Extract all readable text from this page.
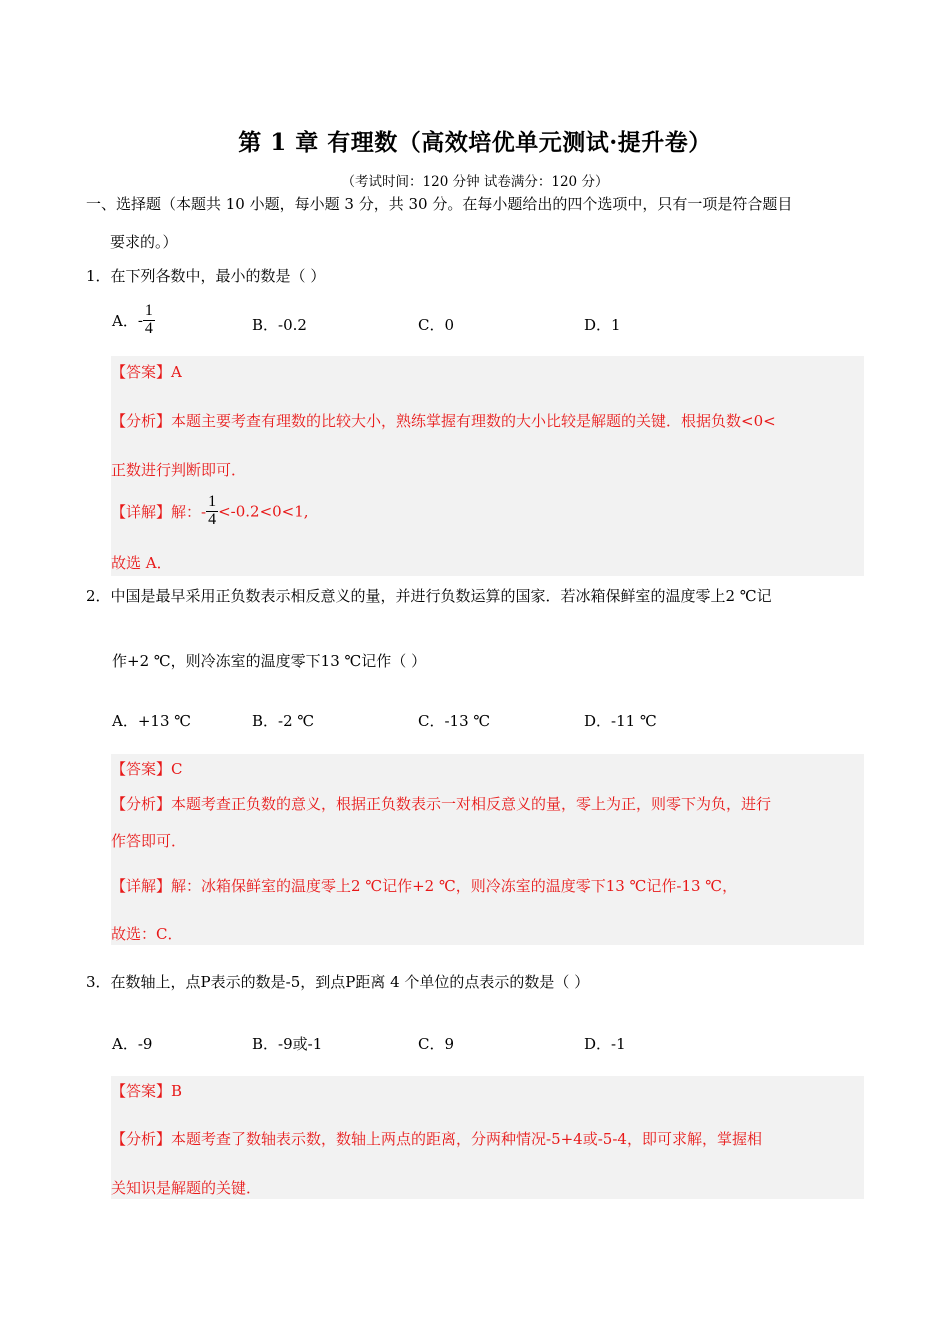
第 1 章 有理数（高效培优单元测试·提升卷）
（考试时间：120 分钟 试卷满分：120 分）
一、选择题（本题共 10 小题，每小题 3 分，共 30 分。在每小题给出的四个选项中，只有一项是符合题目
要求的。）
1．在下列各数中，最小的数是（ ）
A．- $\frac{1}{4}$	B．-0.2	C．0	D．1
【答案】A
【分析】本题主要考查有理数的比较大小，熟练掌握有理数的大小比较是解题的关键．根据负数<0<
正数进行判断即可．
【详解】解：- $\frac{1}{4} <-0.2<0<1$,
故选 A．
2．中国是最早采用正负数表示相反意义的量，并进行负数运算的国家．若冰箱保鲜室的温度零上2 ℃记
作+2 ℃，则冷冻室的温度零下13 ℃记作（ ）
A．+13 ℃	B．-2 ℃	C．-13 ℃	D．-11 ℃
【答案】C
【分析】本题考查正负数的意义，根据正负数表示一对相反意义的量，零上为正，则零下为负，进行
作答即可．
【详解】解：冰箱保鲜室的温度零上2 ℃记作+2 ℃，则冷冻室的温度零下13 ℃记作-13 ℃，
故选：C．
3．在数轴上，点P表示的数是-5，到点P距离 4 个单位的点表示的数是（ ）
A．-9	B．-9或-1	C．9	D．-1
【答案】B
【分析】本题考查了数轴表示数，数轴上两点的距离，分两种情况-5+4或-5-4，即可求解，掌握相
关知识是解题的关键．
